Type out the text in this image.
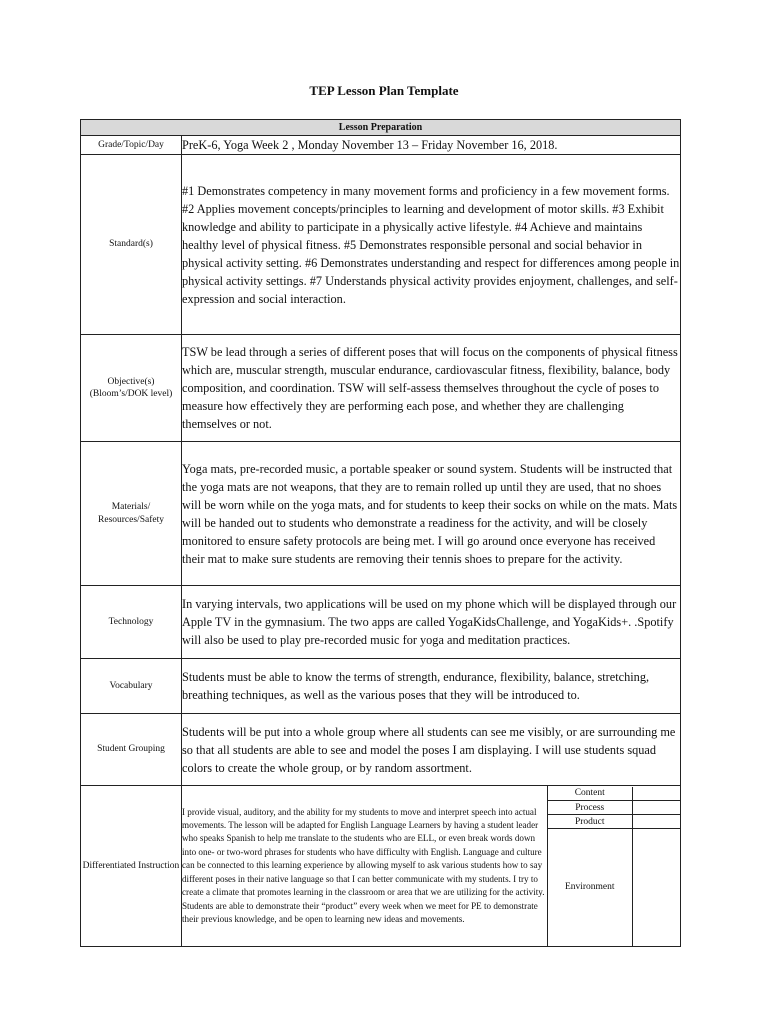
TEP Lesson Plan Template
Lesson Preparation
Grade/Topic/Day	PreK-6, Yoga Week 2 , Monday November 13 – Friday November 16, 2018.
Standard(s)	#1 Demonstrates competency in many movement forms and proficiency in a few movement forms. #2 Applies movement concepts/principles to learning and development of motor skills. #3 Exhibit knowledge and ability to participate in a physically active lifestyle. #4 Achieve and maintains healthy level of physical fitness. #5 Demonstrates responsible personal and social behavior in physical activity setting. #6 Demonstrates understanding and respect for differences among people in physical activity settings. #7 Understands physical activity provides enjoyment, challenges, and self-expression and social interaction.
Objective(s) (Bloom’s/DOK level)	TSW be lead through a series of different poses that will focus on the components of physical fitness which are, muscular strength, muscular endurance, cardiovascular fitness, flexibility, balance, body composition, and coordination. TSW will self-assess themselves throughout the cycle of poses to measure how effectively they are performing each pose, and whether they are challenging themselves or not.
Materials/ Resources/Safety	Yoga mats, pre-recorded music, a portable speaker or sound system. Students will be instructed that the yoga mats are not weapons, that they are to remain rolled up until they are used, that no shoes will be worn while on the yoga mats, and for students to keep their socks on while on the mats. Mats will be handed out to students who demonstrate a readiness for the activity, and will be closely monitored to ensure safety protocols are being met. I will go around once everyone has received their mat to make sure students are removing their tennis shoes to prepare for the activity.
Technology	In varying intervals, two applications will be used on my phone which will be displayed through our Apple TV in the gymnasium. The two apps are called YogaKidsChallenge, and YogaKids+. .Spotify will also be used to play pre-recorded music for yoga and meditation practices.
Vocabulary	Students must be able to know the terms of strength, endurance, flexibility, balance, stretching, breathing techniques, as well as the various poses that they will be introduced to.
Student Grouping	Students will be put into a whole group where all students can see me visibly, or are surrounding me so that all students are able to see and model the poses I am displaying. I will use students squad colors to create the whole group, or by random assortment.
Differentiated Instruction	I provide visual, auditory, and the ability for my students to move and interpret speech into actual movements. The lesson will be adapted for English Language Learners by having a student leader who speaks Spanish to help me translate to the students who are ELL, or even break words down into one- or two-word phrases for students who have difficulty with English. Language and culture can be connected to this learning experience by allowing myself to ask various students how to say different poses in their native language so that I can better communicate with my students. I try to create a climate that promotes learning in the classroom or area that we are utilizing for the activity. Students are able to demonstrate their “product” every week when we meet for PE to demonstrate their previous knowledge, and be open to learning new ideas and movements.	
Content	
Process	
Product	
Environment	
